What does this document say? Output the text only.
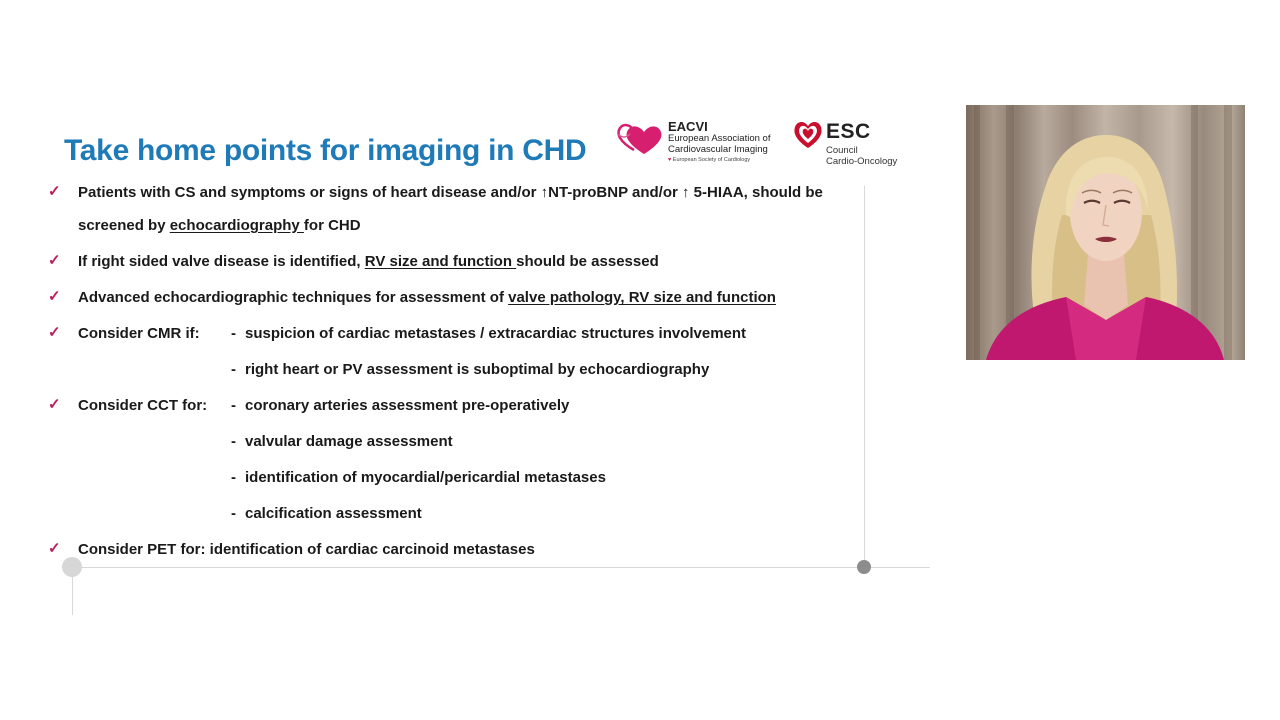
Take home points for imaging in CHD
EACVI
European Association of Cardiovascular Imaging
♥ European Society of Cardiology
ESC
Council
Cardio-Oncology
✓ Patients with CS and symptoms or signs of heart disease and/or ↑NT-proBNP and/or ↑ 5-HIAA, should be
screened by echocardiography for CHD
✓ If right sided valve disease is identified, RV size and function should be assessed
✓ Advanced echocardiographic techniques for assessment of valve pathology, RV size and function
✓ Consider CMR if: - suspicion of cardiac metastases / extracardiac structures involvement
- right heart or PV assessment is suboptimal by echocardiography
✓ Consider CCT for: - coronary arteries assessment pre-operatively
- valvular damage assessment
- identification of myocardial/pericardial metastases
- calcification assessment
✓ Consider PET for: identification of cardiac carcinoid metastases
